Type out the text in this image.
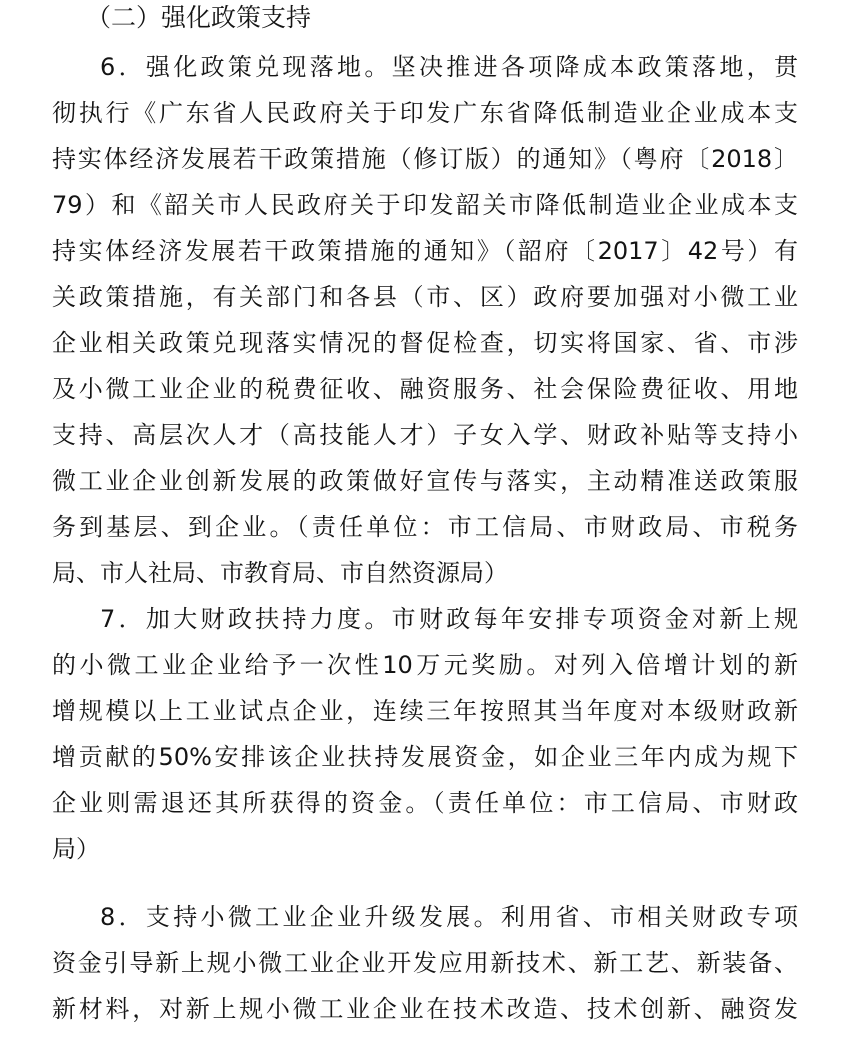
（二）强化政策支持
6．强化政策兑现落地。坚决推进各项降成本政策落地，贯
彻执行《广东省人民政府关于印发广东省降低制造业企业成本支
持实体经济发展若干政策措施（修订版）的通知》（粤府〔2018〕
79）和《韶关市人民政府关于印发韶关市降低制造业企业成本支
持实体经济发展若干政策措施的通知》（韶府〔2017〕42号）有
关政策措施，有关部门和各县（市、区）政府要加强对小微工业
企业相关政策兑现落实情况的督促检查，切实将国家、省、市涉
及小微工业企业的税费征收、融资服务、社会保险费征收、用地
支持、高层次人才（高技能人才）子女入学、财政补贴等支持小
微工业企业创新发展的政策做好宣传与落实，主动精准送政策服
务到基层、到企业。（责任单位：市工信局、市财政局、市税务
局、市人社局、市教育局、市自然资源局）
7．加大财政扶持力度。市财政每年安排专项资金对新上规
的小微工业企业给予一次性10万元奖励。对列入倍增计划的新
增规模以上工业试点企业，连续三年按照其当年度对本级财政新
增贡献的50%安排该企业扶持发展资金，如企业三年内成为规下
企业则需退还其所获得的资金。（责任单位：市工信局、市财政
局）
8．支持小微工业企业升级发展。利用省、市相关财政专项
资金引导新上规小微工业企业开发应用新技术、新工艺、新装备、
新材料，对新上规小微工业企业在技术改造、技术创新、融资发
